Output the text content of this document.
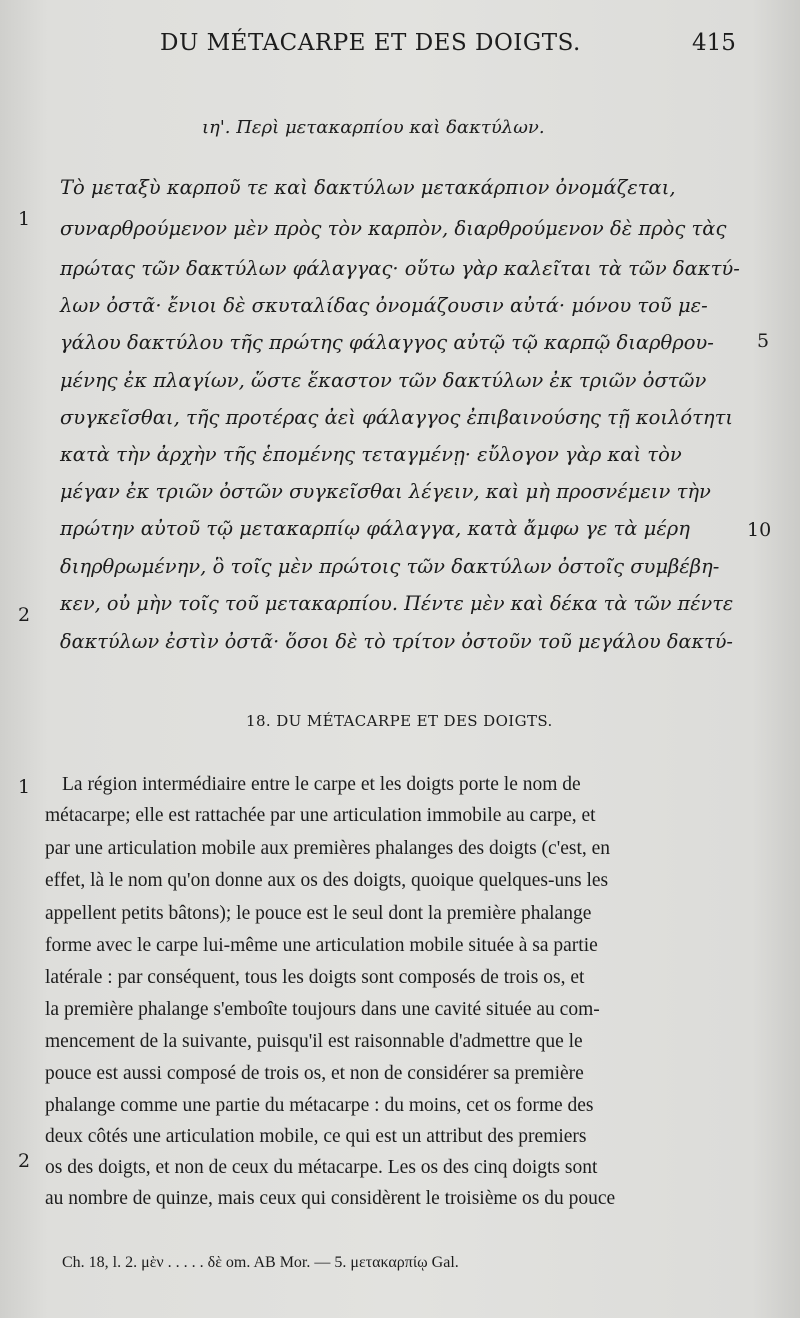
DU MÉTACARPE ET DES DOIGTS.	415
ιη'. Περὶ μετακαρπίου καὶ δακτύλων.
Τὸ μεταξὺ καρποῦ τε καὶ δακτύλων μετακάρπιον ὀνομάζεται,
συναρθρούμενον μὲν πρὸς τὸν καρπὸν, διαρθρούμενον δὲ πρὸς τὰς
πρώτας τῶν δακτύλων φάλαγγας· οὕτω γὰρ καλεῖται τὰ τῶν δακτύ-
λων ὀστᾶ· ἔνιοι δὲ σκυταλίδας ὀνομάζουσιν αὐτά· μόνου τοῦ με-
γάλου δακτύλου τῆς πρώτης φάλαγγος αὐτῷ τῷ καρπῷ διαρθρου-
μένης ἐκ πλαγίων, ὥστε ἕκαστον τῶν δακτύλων ἐκ τριῶν ὀστῶν
συγκεῖσθαι, τῆς προτέρας ἀεὶ φάλαγγος ἐπιβαινούσης τῇ κοιλότητι
κατὰ τὴν ἀρχὴν τῆς ἑπομένης τεταγμένῃ· εὔλογον γὰρ καὶ τὸν
μέγαν ἐκ τριῶν ὀστῶν συγκεῖσθαι λέγειν, καὶ μὴ προσνέμειν τὴν
πρώτην αὐτοῦ τῷ μετακαρπίῳ φάλαγγα, κατὰ ἄμφω γε τὰ μέρη
διηρθρωμένην, ὃ τοῖς μὲν πρώτοις τῶν δακτύλων ὀστοῖς συμβέβη-
κεν, οὐ μὴν τοῖς τοῦ μετακαρπίου. Πέντε μὲν καὶ δέκα τὰ τῶν πέντε
δακτύλων ἐστὶν ὀστᾶ· ὅσοι δὲ τὸ τρίτον ὀστοῦν τοῦ μεγάλου δακτύ-
1
2
5
10
18. DU MÉTACARPE ET DES DOIGTS.
La région intermédiaire entre le carpe et les doigts porte le nom de
métacarpe; elle est rattachée par une articulation immobile au carpe, et
par une articulation mobile aux premières phalanges des doigts (c'est, en
effet, là le nom qu'on donne aux os des doigts, quoique quelques-uns les
appellent petits bâtons); le pouce est le seul dont la première phalange
forme avec le carpe lui-même une articulation mobile située à sa partie
latérale : par conséquent, tous les doigts sont composés de trois os, et
la première phalange s'emboîte toujours dans une cavité située au com-
mencement de la suivante, puisqu'il est raisonnable d'admettre que le
pouce est aussi composé de trois os, et non de considérer sa première
phalange comme une partie du métacarpe : du moins, cet os forme des
deux côtés une articulation mobile, ce qui est un attribut des premiers
os des doigts, et non de ceux du métacarpe. Les os des cinq doigts sont
au nombre de quinze, mais ceux qui considèrent le troisième os du pouce
1
2
Ch. 18, l. 2. μὲν . . . . . δὲ om. AB Mor. — 5. μετακαρπίῳ Gal.
